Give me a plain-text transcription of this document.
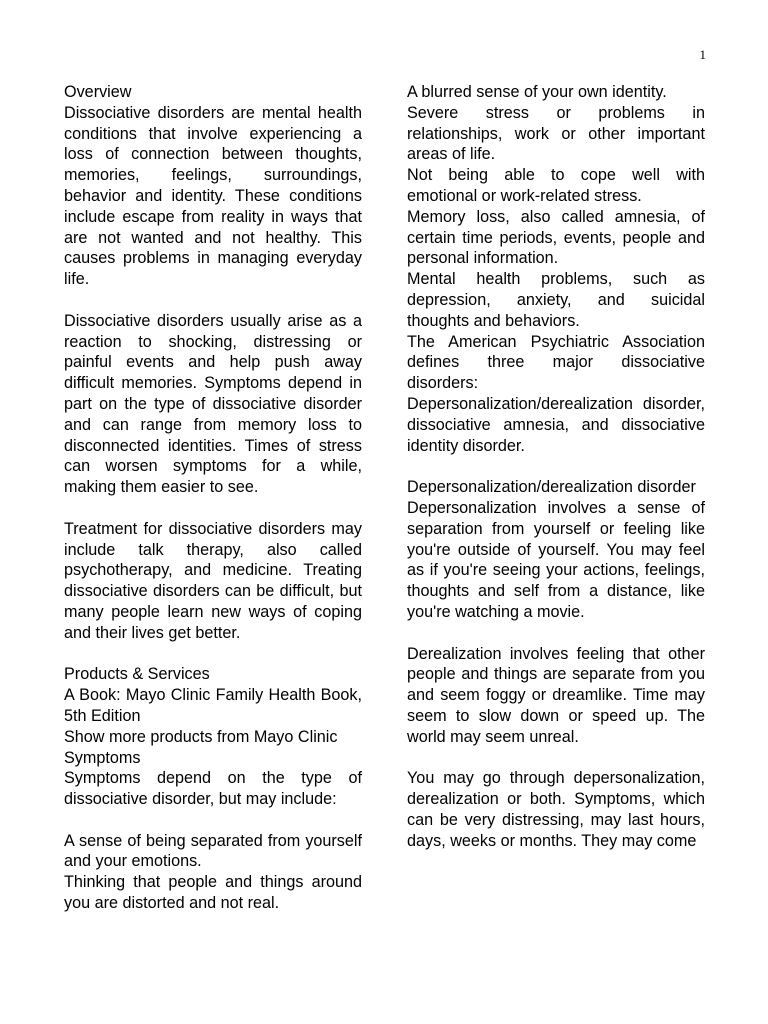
1

Overview

Dissociative disorders are mental health conditions that involve experiencing a loss of connection between thoughts, memories, feelings, surroundings, behavior and identity. These conditions include escape from reality in ways that are not wanted and not healthy. This causes problems in managing everyday life.

Dissociative disorders usually arise as a reaction to shocking, distressing or painful events and help push away difficult memories. Symptoms depend in part on the type of dissociative disorder and can range from memory loss to disconnected identities. Times of stress can worsen symptoms for a while, making them easier to see.

Treatment for dissociative disorders may include talk therapy, also called psychotherapy, and medicine. Treating dissociative disorders can be difficult, but many people learn new ways of coping and their lives get better.

Products & Services

A Book: Mayo Clinic Family Health Book, 5th Edition

Show more products from Mayo Clinic

Symptoms

Symptoms depend on the type of dissociative disorder, but may include:

A sense of being separated from yourself and your emotions.

Thinking that people and things around you are distorted and not real.

A blurred sense of your own identity.

Severe stress or problems in relationships, work or other important areas of life.

Not being able to cope well with emotional or work-related stress.

Memory loss, also called amnesia, of certain time periods, events, people and personal information.

Mental health problems, such as depression, anxiety, and suicidal thoughts and behaviors.

The American Psychiatric Association defines three major dissociative disorders:

Depersonalization/derealization disorder, dissociative amnesia, and dissociative identity disorder.

Depersonalization/derealization disorder

Depersonalization involves a sense of separation from yourself or feeling like you're outside of yourself. You may feel as if you're seeing your actions, feelings, thoughts and self from a distance, like you're watching a movie.

Derealization involves feeling that other people and things are separate from you and seem foggy or dreamlike. Time may seem to slow down or speed up. The world may seem unreal.

You may go through depersonalization, derealization or both. Symptoms, which can be very distressing, may last hours, days, weeks or months. They may come
